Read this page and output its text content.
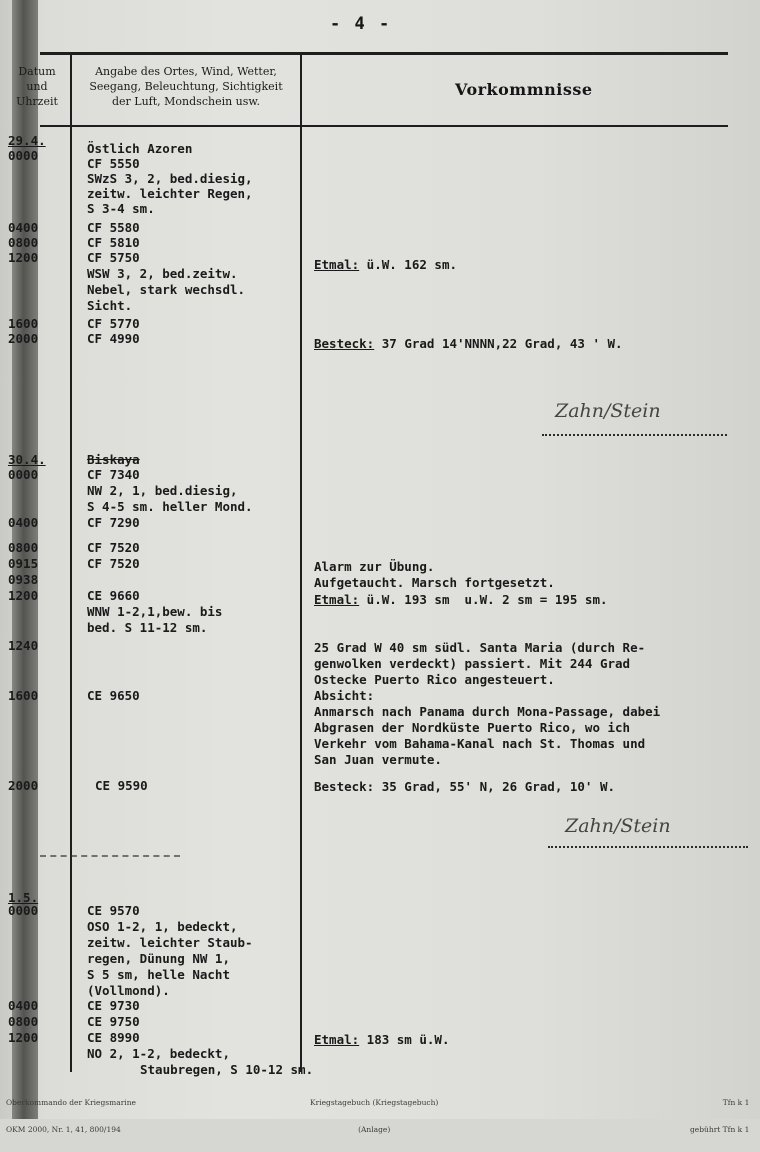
- 4 -
Datum
und
Uhrzeit
Angabe des Ortes, Wind, Wetter,
Seegang, Beleuchtung, Sichtigkeit
der Luft, Mondschein usw.
Vorkommnisse
29.4.
0000
0400
0800
1200
1600
2000
30.4.
0000
0400
0800
0915
0938
1200
1240
1600
2000
1.5.
0000
0400
0800
1200
Östlich Azoren
CF 5550
SWzS 3, 2, bed.diesig,
zeitw. leichter Regen,
S 3-4 sm.
CF 5580
CF 5810
CF 5750
WSW 3, 2, bed.zeitw.
Nebel, stark wechsdl.
Sicht.
CF 5770
CF 4990
Biskaya
CF 7340
NW 2, 1, bed.diesig,
S 4-5 sm. heller Mond.
CF 7290
CF 7520
CF 7520
CE 9660
WNW 1-2,1,bew. bis
bed. S 11-12 sm.
CE 9650
CE 9590
CE 9570
OSO 1-2, 1, bedeckt,
zeitw. leichter Staub-
regen, Dünung NW 1,
S 5 sm, helle Nacht
(Vollmond).
CE 9730
CE 9750
CE 8990
NO 2, 1-2, bedeckt,
Staubregen, S 10-12 sm.
Etmal: ü.W. 162 sm.
Besteck: 37 Grad 14'NNNN,22 Grad, 43 ' W.
Zahn/Stein
Alarm zur Übung.
Aufgetaucht. Marsch fortgesetzt.
Etmal: ü.W. 193 sm  u.W. 2 sm = 195 sm.
25 Grad W 40 sm südl. Santa Maria (durch Re-
genwolken verdeckt) passiert. Mit 244 Grad
Ostecke Puerto Rico angesteuert.
Absicht:
Anmarsch nach Panama durch Mona-Passage, dabei
Abgrasen der Nordküste Puerto Rico, wo ich
Verkehr vom Bahama-Kanal nach St. Thomas und
San Juan vermute.
Besteck: 35 Grad, 55' N, 26 Grad, 10' W.
Zahn/Stein
Etmal: 183 sm ü.W.

Oberkommando der Kriegsmarine

OKM 2000, Nr. 1, 41, 800/194

Kriegstagebuch (Kriegstagebuch)

(Anlage)

Tfn k 1

gebührt Tfn k 1
